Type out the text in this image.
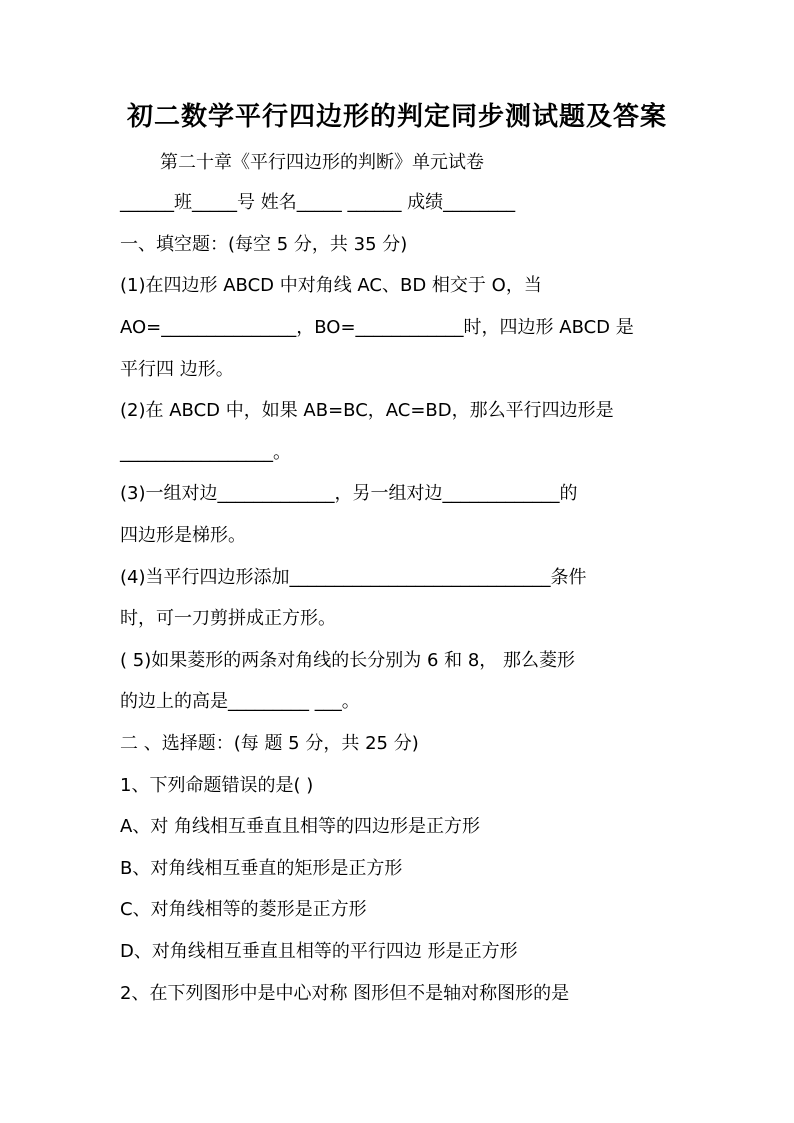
初二数学平行四边形的判定同步测试题及答案
第二十章《平行四边形的判断》单元试卷
______班_____号 姓名_____ ______ 成绩________
一、填空题：(每空 5 分，共 35 分)
(1)在四边形 ABCD 中对角线 AC、BD 相交于 O，当
AO=_______________，BO=____________时，四边形 ABCD 是
平行四 边形。
(2)在 ABCD 中，如果 AB=BC，AC=BD，那么平行四边形是
_________________。
(3)一组对边_____________，另一组对边_____________的
四边形是梯形。
(4)当平行四边形添加_____________________________条件
时，可一刀剪拼成正方形。
( 5)如果菱形的两条对角线的长分别为 6 和 8， 那么菱形
的边上的高是_________ ___。
二 、选择题：(每 题 5 分，共 25 分)
1、下列命题错误的是( )
A、对 角线相互垂直且相等的四边形是正方形
B、对角线相互垂直的矩形是正方形
C、对角线相等的菱形是正方形
D、对角线相互垂直且相等的平行四边 形是正方形
2、在下列图形中是中心对称 图形但不是轴对称图形的是
